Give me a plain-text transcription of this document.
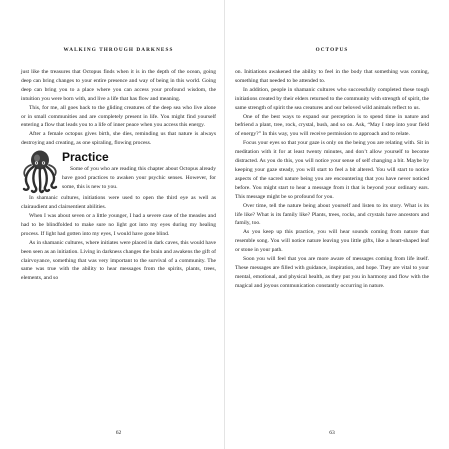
WALKING THROUGH DARKNESS

just like the treasures that Octopus finds when it is in the depth of the ocean, going deep can bring changes to your entire presence and way of being in this world. Going deep can bring you to a place where you can access your profound wisdom, the intuition you were born with, and live a life that has flow and meaning.

This, for me, all goes back to the gliding creatures of the deep sea who live alone or in small communities and are completely present in life. You might find yourself entering a flow that leads you to a life of inner peace when you access this energy.

After a female octopus gives birth, she dies, reminding us that nature is always destroying and creating, as one spiraling, flowing process.

Practice

Some of you who are reading this chapter about Octopus already have good practices to awaken your psychic senses. However, for some, this is new to you.

In shamanic cultures, initiations were used to open the third eye as well as clairaudient and clairsentient abilities.

When I was about seven or a little younger, I had a severe case of the measles and had to be blindfolded to make sure no light got into my eyes during my healing process. If light had gotten into my eyes, I would have gone blind.

As in shamanic cultures, where initiates were placed in dark caves, this would have been seen as an initiation. Living in darkness changes the brain and awakens the gift of clairvoyance, something that was very important to the survival of a community. The same was true with the ability to hear messages from the spirits, plants, trees, elements, and so

62
OCTOPUS

on. Initiations awakened the ability to feel in the body that something was coming, something that needed to be attended to.

In addition, people in shamanic cultures who successfully completed these tough initiations created by their elders returned to the community with strength of spirit, the same strength of spirit the sea creatures and our beloved wild animals reflect to us.

One of the best ways to expand our perception is to spend time in nature and befriend a plant, tree, rock, crystal, bush, and so on. Ask, “May I step into your field of energy?” In this way, you will receive permission to approach and to relate.

Focus your eyes so that your gaze is only on the being you are relating with. Sit in meditation with it for at least twenty minutes, and don’t allow yourself to become distracted. As you do this, you will notice your sense of self changing a bit. Maybe by keeping your gaze steady, you will start to feel a bit altered. You will start to notice aspects of the sacred nature being you are encountering that you have never noticed before. You might start to hear a message from it that is beyond your ordinary ears. This message might be so profound for you.

Over time, tell the nature being about yourself and listen to its story. What is its life like? What is its family like? Plants, trees, rocks, and crystals have ancestors and family, too.

As you keep up this practice, you will hear sounds coming from nature that resemble song. You will notice nature leaving you little gifts, like a heart-shaped leaf or stone in your path.

Soon you will feel that you are more aware of messages coming from life itself. These messages are filled with guidance, inspiration, and hope. They are vital to your mental, emotional, and physical health, as they put you in harmony and flow with the magical and joyous communication constantly occurring in nature.

63
